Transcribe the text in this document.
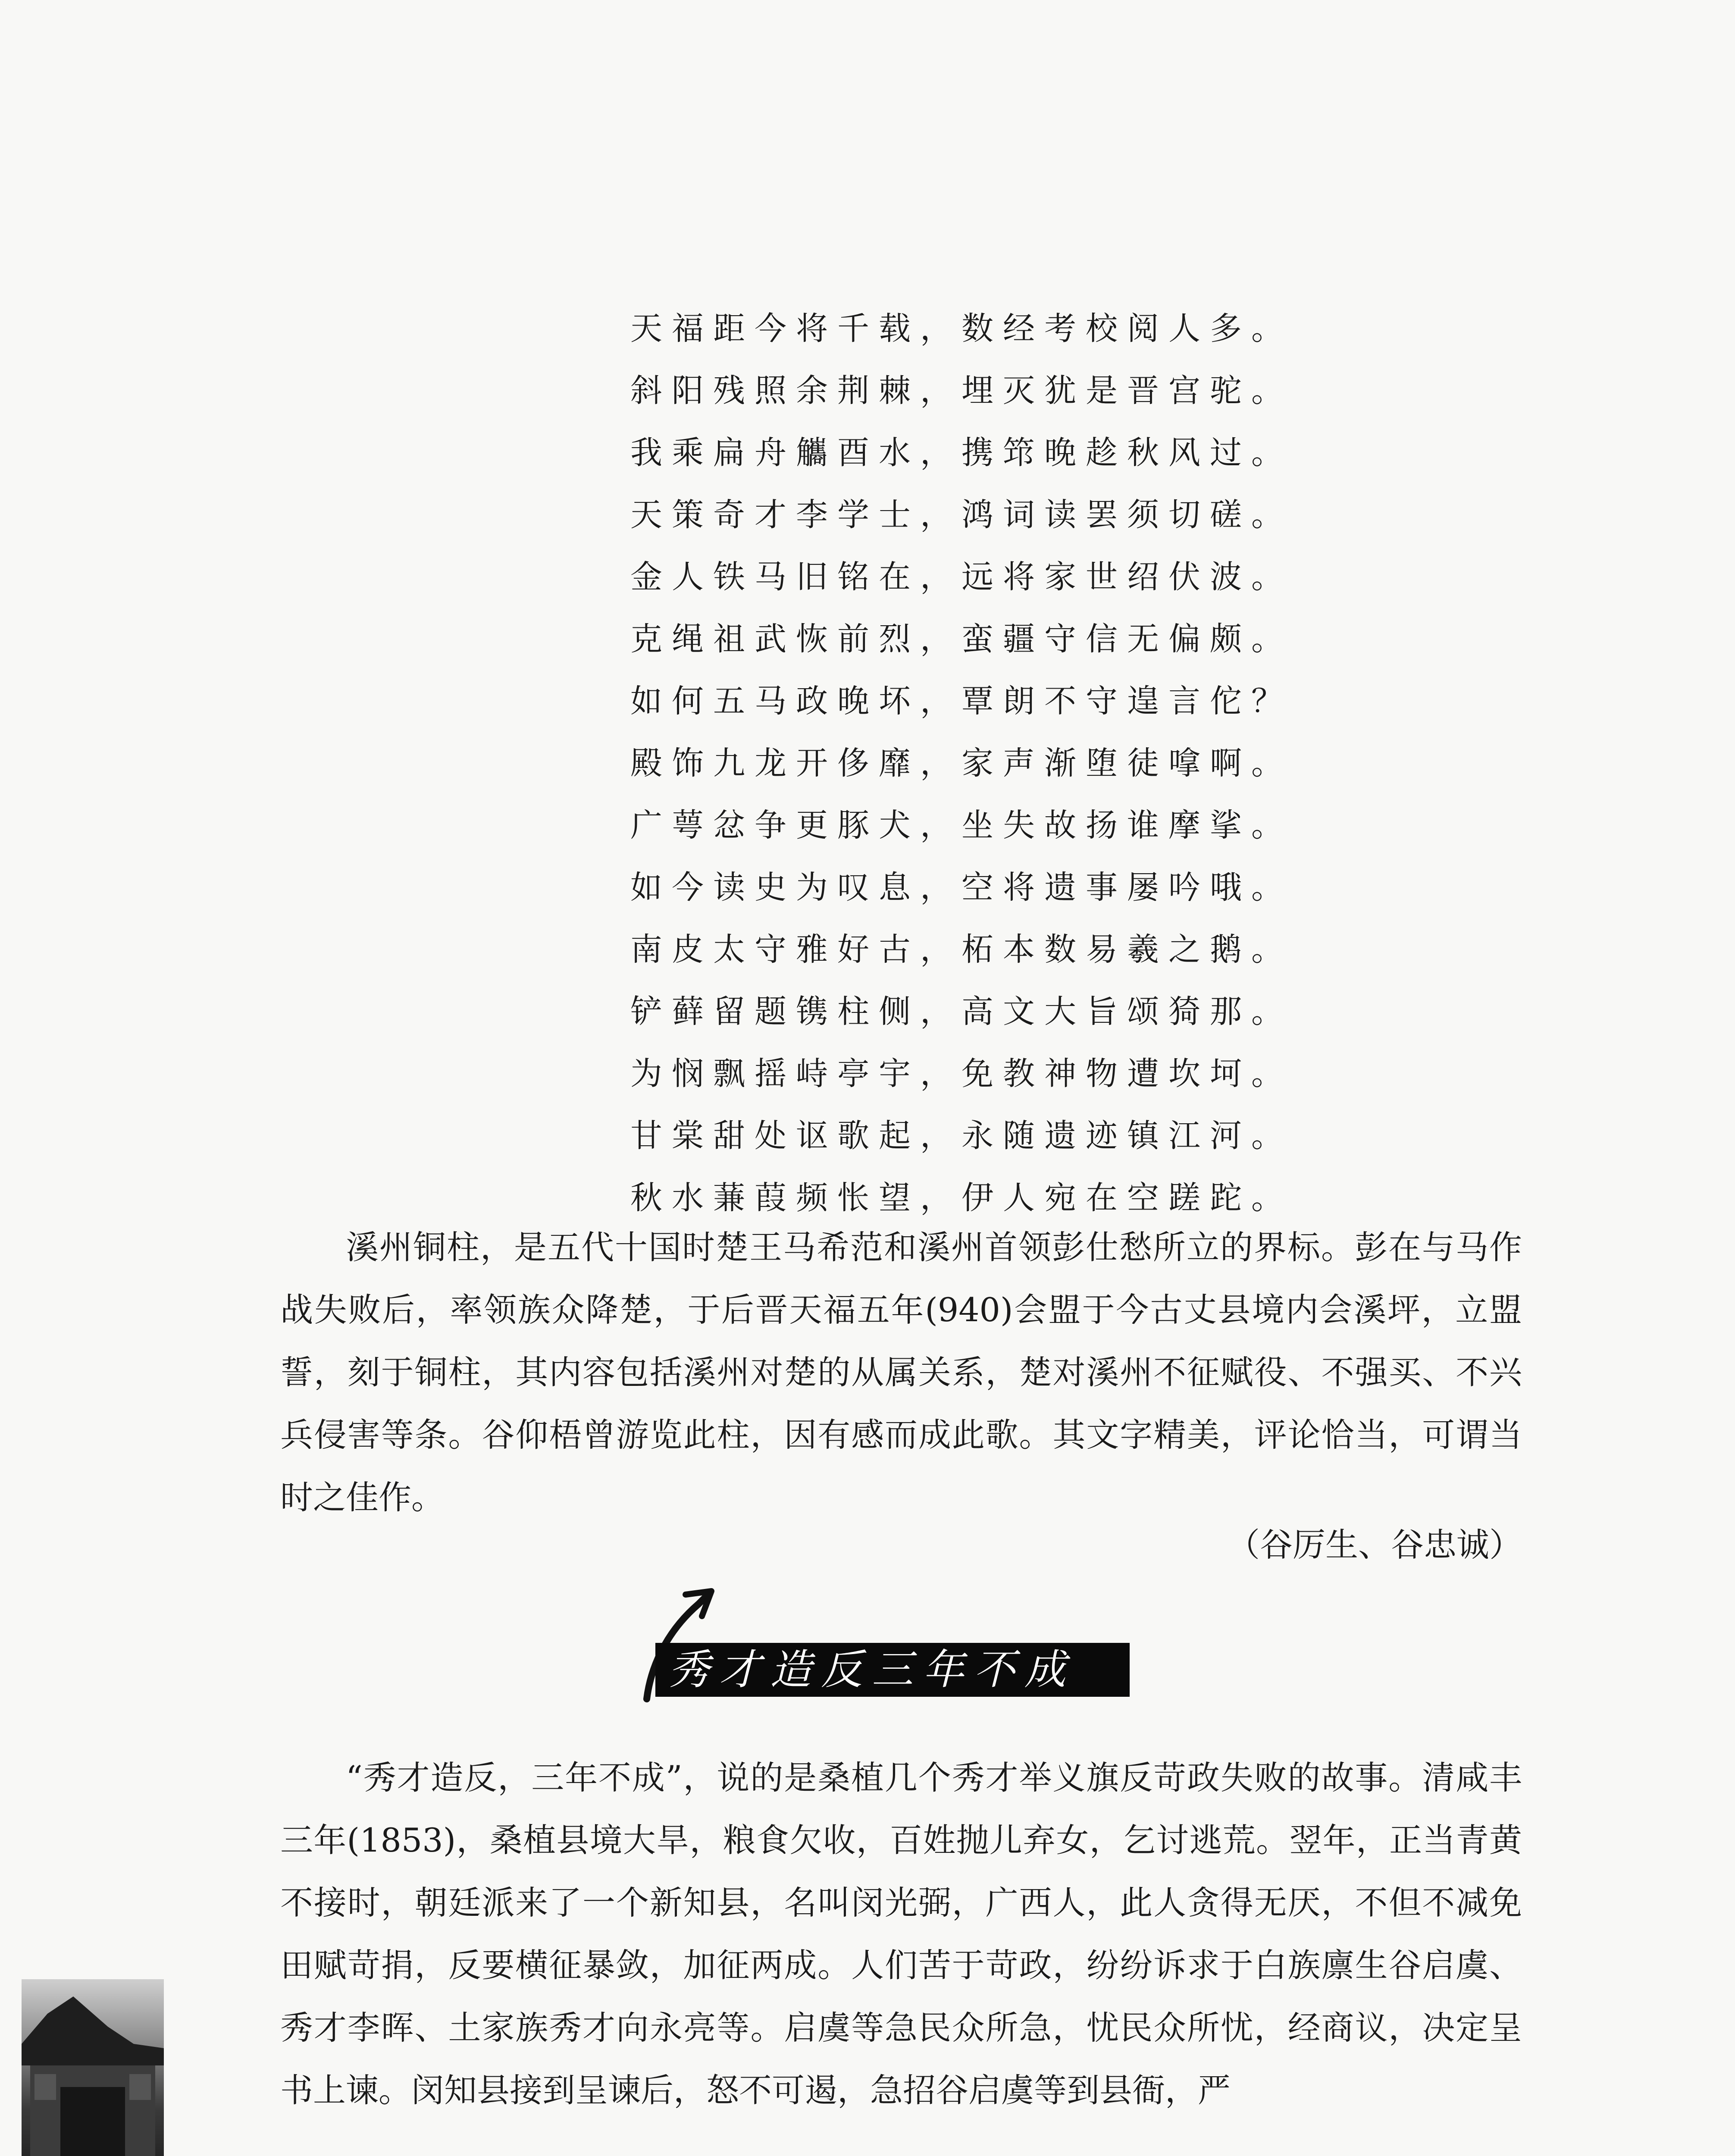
天福距今将千载，数经考校阅人多。
斜阳残照余荆棘，埋灭犹是晋宫驼。
我乘扁舟觿酉水，携筇晚趁秋风过。
天策奇才李学士，鸿词读罢须切磋。
金人铁马旧铭在，远将家世绍伏波。
克绳祖武恢前烈，蛮疆守信无偏颇。
如何五马政晚坏，覃朗不守遑言佗？
殿饰九龙开侈靡，家声渐堕徒嗱啊。
广萼忿争更豚犬，坐失故扬谁摩挲。
如今读史为叹息，空将遗事屡吟哦。
南皮太守雅好古，柘本数易羲之鹅。
铲藓留题镌柱侧，高文大旨颂猗那。
为悯飘摇峙亭宇，免教神物遭坎坷。
甘棠甜处讴歌起，永随遗迹镇江河。
秋水蒹葭频怅望，伊人宛在空蹉跎。

溪州铜柱，是五代十国时楚王马希范和溪州首领彭仕愁所立的界标。彭在与马作战失败后，率领族众降楚，于后晋天福五年(940)会盟于今古丈县境内会溪坪，立盟誓，刻于铜柱，其内容包括溪州对楚的从属关系，楚对溪州不征赋役、不强买、不兴兵侵害等条。谷仰梧曾游览此柱，因有感而成此歌。其文字精美，评论恰当，可谓当时之佳作。

（谷厉生、谷忠诚）
秀才造反三年不成

“秀才造反，三年不成”，说的是桑植几个秀才举义旗反苛政失败的故事。清咸丰三年(1853)，桑植县境大旱，粮食欠收，百姓抛儿弃女，乞讨逃荒。翌年，正当青黄不接时，朝廷派来了一个新知县，名叫闵光弼，广西人，此人贪得无厌，不但不减免田赋苛捐，反要横征暴敛，加征两成。人们苦于苛政，纷纷诉求于白族廪生谷启虞、秀才李晖、土家族秀才向永亮等。启虞等急民众所急，忧民众所忧，经商议，决定呈书上谏。闵知县接到呈谏后，怒不可遏，急招谷启虞等到县衙，严
